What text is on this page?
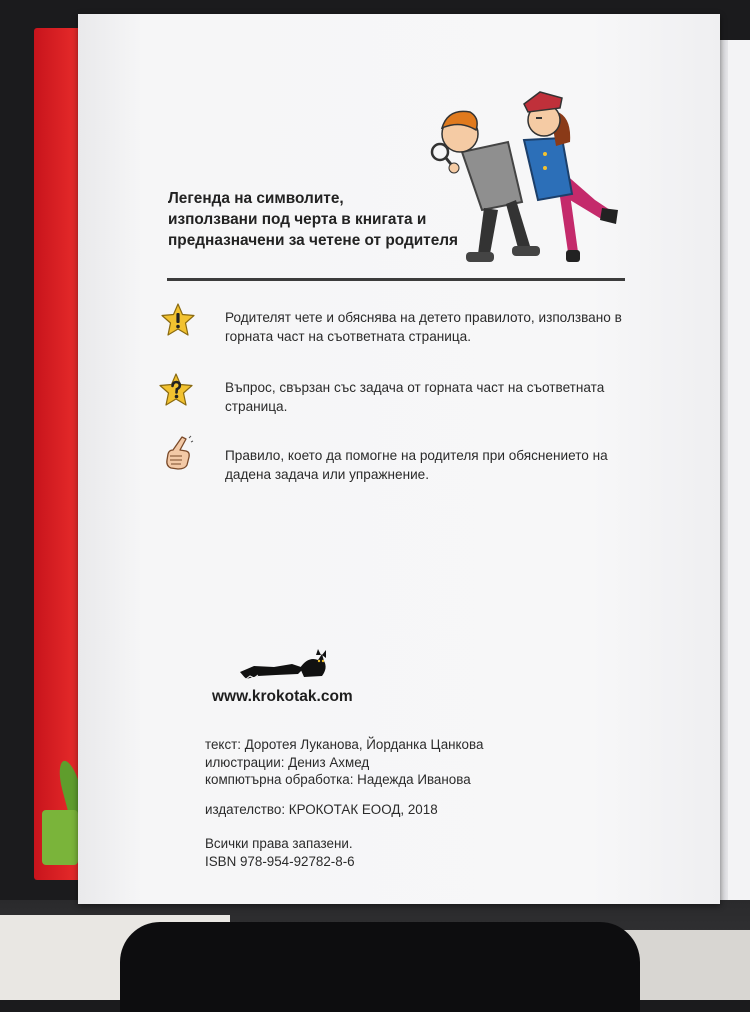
Легенда на символите,
използвани под черта в книгата и
предназначени за четене от родителя
Родителят чете и обяснява на детето правилото, използвано в
горната част на съответната страница.
Въпрос, свързан със задача от горната част на съответната
страница.
Правило, което да помогне на родителя при обяснението на
дадена задача или упражнение.
www.krokotak.com
текст: Доротея Луканова, Йорданка Цанкова
илюстрации: Дениз Ахмед
компютърна обработка: Надежда Иванова
издателство: КРОКОТАК ЕООД, 2018
Всички права запазени.
ISBN 978-954-92782-8-6
